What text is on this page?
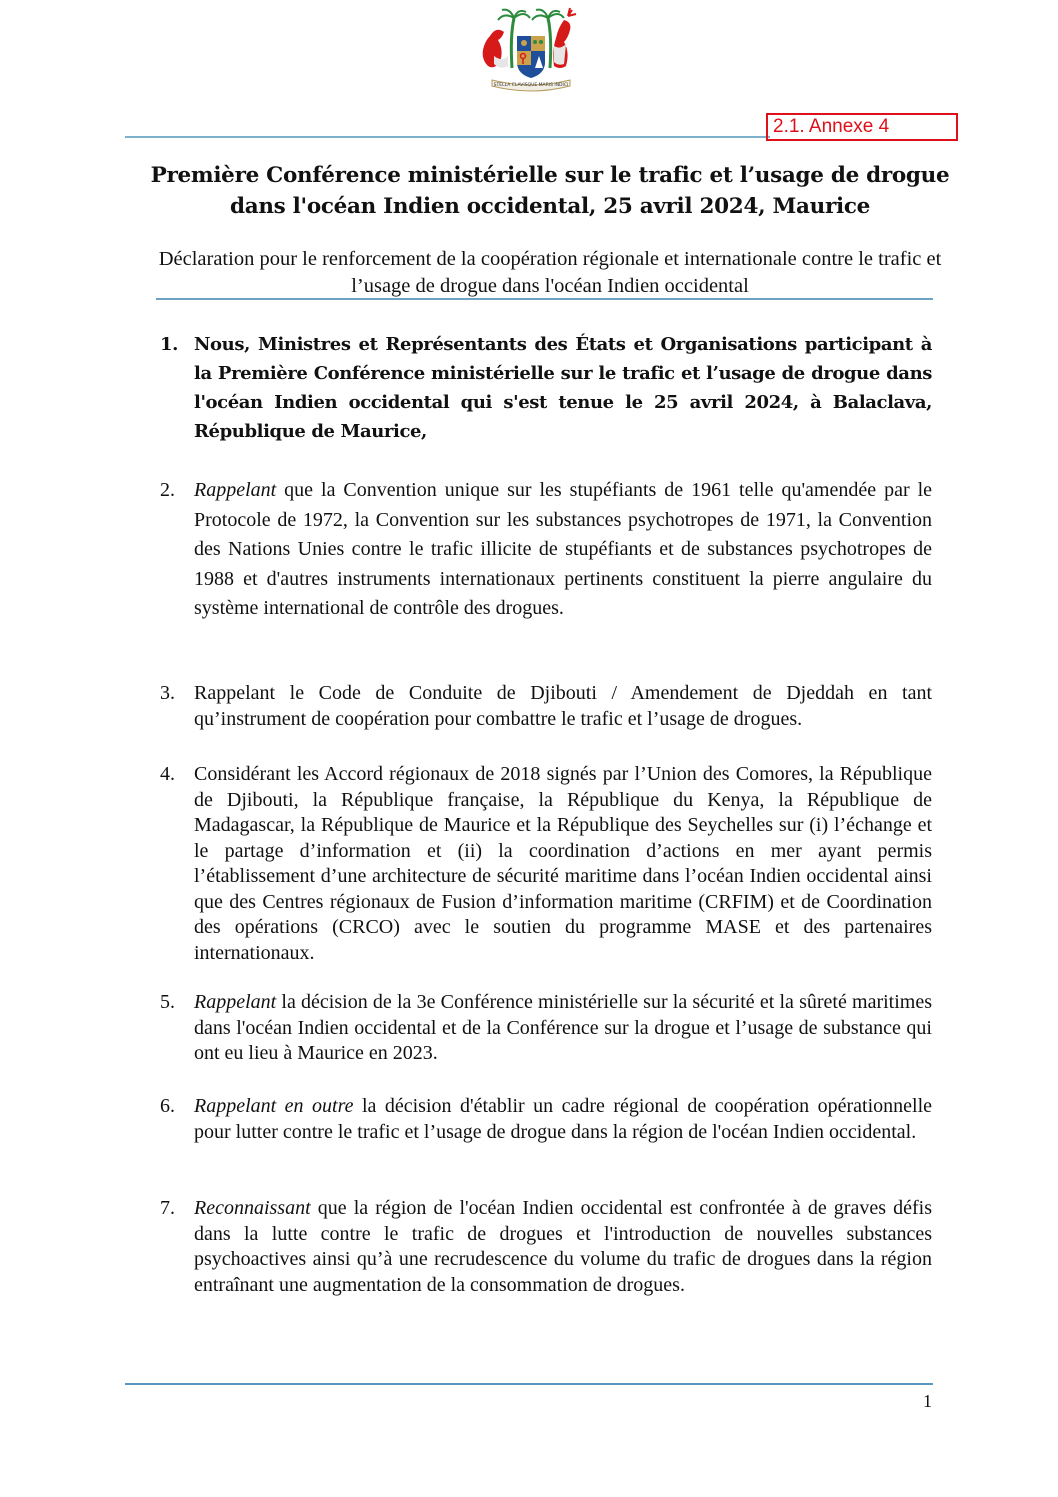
STELLA CLAVISQUE MARIS INDICI
2.1. Annexe 4
Première Conférence ministérielle sur le trafic et l’usage de drogue dans l'océan Indien occidental, 25 avril 2024, Maurice
Déclaration pour le renforcement de la coopération régionale et internationale contre le trafic et l’usage de drogue dans l'océan Indien occidental
1. Nous, Ministres et Représentants des États et Organisations participant à la Première Conférence ministérielle sur le trafic et l’usage de drogue dans l'océan Indien occidental qui s'est tenue le 25 avril 2024, à Balaclava, République de Maurice,
2. Rappelant que la Convention unique sur les stupéfiants de 1961 telle qu'amendée par le Protocole de 1972, la Convention sur les substances psychotropes de 1971, la Convention des Nations Unies contre le trafic illicite de stupéfiants et de substances psychotropes de 1988 et d'autres instruments internationaux pertinents constituent la pierre angulaire du système international de contrôle des drogues.
3. Rappelant le Code de Conduite de Djibouti / Amendement de Djeddah en tant qu’instrument de coopération pour combattre le trafic et l’usage de drogues.
4. Considérant les Accord régionaux de 2018 signés par l’Union des Comores, la République de Djibouti, la République française, la République du Kenya, la République de Madagascar, la République de Maurice et la République des Seychelles sur (i) l’échange et le partage d’information et (ii) la coordination d’actions en mer ayant permis l’établissement d’une architecture de sécurité maritime dans l’océan Indien occidental ainsi que des Centres régionaux de Fusion d’information maritime (CRFIM) et de Coordination des opérations (CRCO) avec le soutien du programme MASE et des partenaires internationaux.
5. Rappelant la décision de la 3e Conférence ministérielle sur la sécurité et la sûreté maritimes dans l'océan Indien occidental et de la Conférence sur la drogue et l’usage de substance qui ont eu lieu à Maurice en 2023.
6. Rappelant en outre la décision d'établir un cadre régional de coopération opérationnelle pour lutter contre le trafic et l’usage de drogue dans la région de l'océan Indien occidental.
7. Reconnaissant que la région de l'océan Indien occidental est confrontée à de graves défis dans la lutte contre le trafic de drogues et l'introduction de nouvelles substances psychoactives ainsi qu’à une recrudescence du volume du trafic de drogues dans la région entraînant une augmentation de la consommation de drogues.
1
